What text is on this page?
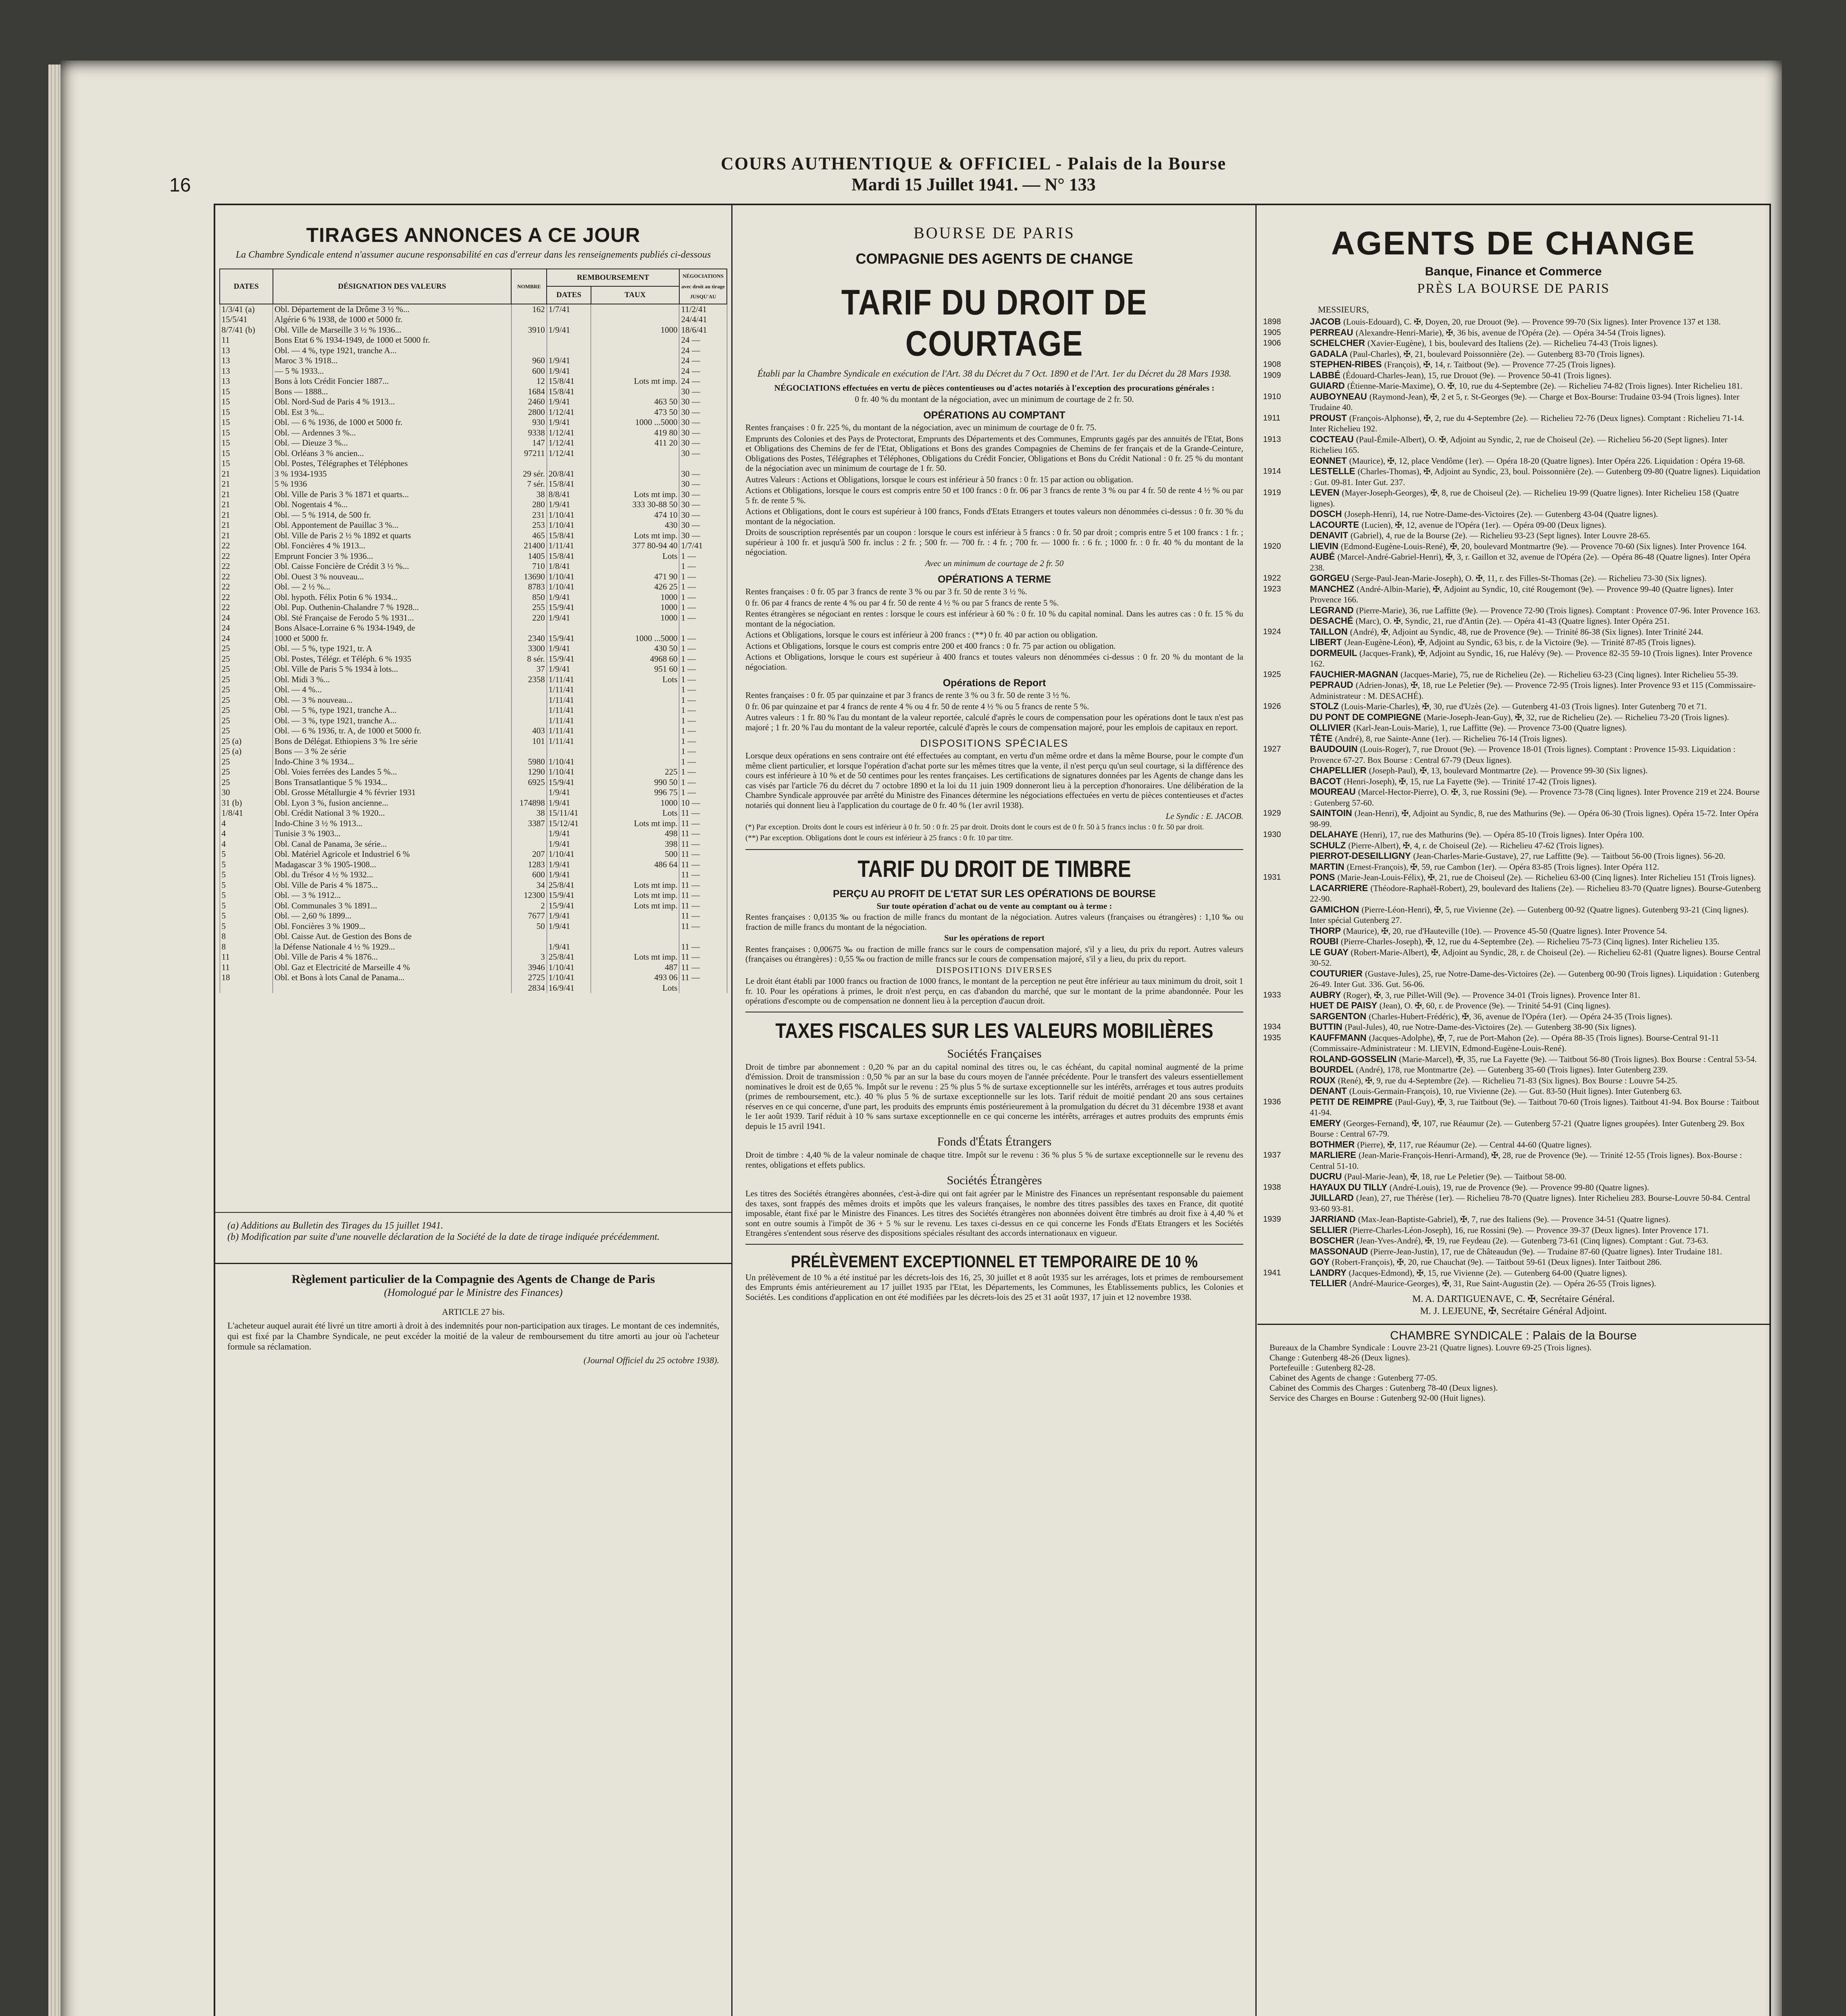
16
COURS AUTHENTIQUE & OFFICIEL - Palais de la Bourse
Mardi 15 Juillet 1941. — N° 133
TIRAGES ANNONCES A CE JOUR
La Chambre Syndicale entend n'assumer aucune responsabilité en cas d'erreur dans les renseignements publiés ci-dessous
DATES	DÉSIGNATION DES VALEURS	NOMBRE	REMBOURSEMENT		NÉGOCIATIONS avec droit au tirage JUSQU'AU
			DATES	TAUX	
1/3/41 (a)	Obl. Département de la Drôme 3 ½ %...	162	1/7/41		11/2/41
15/5/41	Algérie 6 % 1938, de 1000 et 5000 fr.				24/4/41
8/7/41 (b)	Obl. Ville de Marseille 3 ½ % 1936...	3910	1/9/41	1000	18/6/41
11	Bons Etat 6 % 1934-1949, de 1000 et 5000 fr.				24 —
13	Obl. — 4 %, type 1921, tranche A...				24 —
13	Maroc 3 % 1918...	960	1/9/41		24 —
13	— 5 % 1933...	600	1/9/41		24 —
13	Bons à lots Crédit Foncier 1887...	12	15/8/41	Lots mt imp.	24 —
15	Bons — 1888...	1684	15/8/41		30 —
15	Obl. Nord-Sud de Paris 4 % 1913...	2460	1/9/41	463 50	30 —
15	Obl. Est 3 %...	2800	1/12/41	473 50	30 —
15	Obl. — 6 % 1936, de 1000 et 5000 fr.	930	1/9/41	1000 ...5000	30 —
15	Obl. — Ardennes 3 %...	9338	1/12/41	419 80	30 —
15	Obl. — Dieuze 3 %...	147	1/12/41	411 20	30 —
15	Obl. Orléans 3 % ancien...	97211	1/12/41		30 —
15	Obl. Postes, Télégraphes et Téléphones				
21	3 % 1934-1935	29 sér.	20/8/41		30 —
21	5 % 1936	7 sér.	15/8/41		30 —
21	Obl. Ville de Paris 3 % 1871 et quarts...	38	8/8/41	Lots mt imp.	30 —
21	Obl. Nogentais 4 %...	280	1/9/41	333 30-88 50	30 —
21	Obl. — 5 % 1914, de 500 fr.	231	1/10/41	474 10	30 —
21	Obl. Appontement de Pauillac 3 %...	253	1/10/41	430	30 —
21	Obl. Ville de Paris 2 ½ % 1892 et quarts	465	15/8/41	Lots mt imp.	30 —
22	Obl. Foncières 4 % 1913...	21400	1/11/41	377 80-94 40	1/7/41
22	Emprunt Foncier 3 % 1936...	1405	15/8/41	Lots	1 —
22	Obl. Caisse Foncière de Crédit 3 ½ %...	710	1/8/41		1 —
22	Obl. Ouest 3 % nouveau...	13690	1/10/41	471 90	1 —
22	Obl. — 2 ½ %...	8783	1/10/41	426 25	1 —
22	Obl. hypoth. Félix Potin 6 % 1934...	850	1/9/41	1000	1 —
22	Obl. Pup. Outhenin-Chalandre 7 % 1928...	255	15/9/41	1000	1 —
24	Obl. Sté Française de Ferodo 5 % 1931...	220	1/9/41	1000	1 —
24	Bons Alsace-Lorraine 6 % 1934-1949, de				
24	1000 et 5000 fr.	2340	15/9/41	1000 ...5000	1 —
25	Obl. — 5 %, type 1921, tr. A	3300	1/9/41	430 50	1 —
25	Obl. Postes, Télégr. et Téléph. 6 % 1935	8 sér.	15/9/41	4968 60	1 —
25	Obl. Ville de Paris 5 % 1934 à lots...	37	1/9/41	951 60	1 —
25	Obl. Midi 3 %...	2358	1/11/41	Lots	1 —
25	Obl. — 4 %...		1/11/41		1 —
25	Obl. — 3 % nouveau...		1/11/41		1 —
25	Obl. — 5 %, type 1921, tranche A...		1/11/41		1 —
25	Obl. — 3 %, type 1921, tranche A...		1/11/41		1 —
25	Obl. — 6 % 1936, tr. A, de 1000 et 5000 fr.	403	1/11/41		1 —
25 (a)	Bons de Délégat. Ethiopiens 3 % 1re série	101	1/11/41		1 —
25 (a)	Bons — 3 % 2e série				1 —
25	Indo-Chine 3 % 1934...	5980	1/10/41		1 —
25	Obl. Voies ferrées des Landes 5 %...	1290	1/10/41	225	1 —
25	Bons Transatlantique 5 % 1934...	6925	15/9/41	990 50	1 —
30	Obl. Grosse Métallurgie 4 % février 1931		1/9/41	996 75	1 —
31 (b)	Obl. Lyon 3 %, fusion ancienne...	174898	1/9/41	1000	10 —
1/8/41	Obl. Crédit National 3 % 1920...	38	15/11/41	Lots	11 —
4	Indo-Chine 3 ½ % 1913...	3387	15/12/41	Lots mt imp.	11 —
4	Tunisie 3 % 1903...		1/9/41	498	11 —
4	Obl. Canal de Panama, 3e série...		1/9/41	398	11 —
5	Obl. Matériel Agricole et Industriel 6 %	207	1/10/41	500	11 —
5	Madagascar 3 % 1905-1908...	1283	1/9/41	486 64	11 —
5	Obl. du Trésor 4 ½ % 1932...	600	1/9/41		11 —
5	Obl. Ville de Paris 4 % 1875...	34	25/8/41	Lots mt imp.	11 —
5	Obl. — 3 % 1912...	12300	15/9/41	Lots mt imp.	11 —
5	Obl. Communales 3 % 1891...	2	15/9/41	Lots mt imp.	11 —
5	Obl. — 2,60 % 1899...	7677	1/9/41		11 —
5	Obl. Foncières 3 % 1909...	50	1/9/41		11 —
8	Obl. Caisse Aut. de Gestion des Bons de				
8	la Défense Nationale 4 ½ % 1929...		1/9/41		11 —
11	Obl. Ville de Paris 4 % 1876...	3	25/8/41	Lots mt imp.	11 —
11	Obl. Gaz et Electricité de Marseille 4 %	3946	1/10/41	487	11 —
18	Obl. et Bons à lots Canal de Panama...	2725	1/10/41	493 06	11 —
		2834	16/9/41	Lots	
(a) Additions au Bulletin des Tirages du 15 juillet 1941.
(b) Modification par suite d'une nouvelle déclaration de la Société de la date de tirage indiquée précédemment.
Règlement particulier de la Compagnie des Agents de Change de Paris
(Homologué par le Ministre des Finances)
ARTICLE 27 bis.
L'acheteur auquel aurait été livré un titre amorti à droit à des indemnités pour non-participation aux tirages. Le montant de ces indemnités, qui est fixé par la Chambre Syndicale, ne peut excéder la moitié de la valeur de remboursement du titre amorti au jour où l'acheteur formule sa réclamation.
(Journal Officiel du 25 octobre 1938).
BOURSE DE PARIS
COMPAGNIE DES AGENTS DE CHANGE
TARIF DU DROIT DE COURTAGE
Établi par la Chambre Syndicale en exécution de l'Art. 38 du Décret du 7 Oct. 1890 et de l'Art. 1er du Décret du 28 Mars 1938.
NÉGOCIATIONS effectuées en vertu de pièces contentieuses ou d'actes notariés à l'exception des procurations générales :
0 fr. 40 % du montant de la négociation, avec un minimum de courtage de 2 fr. 50.
OPÉRATIONS AU COMPTANT
Rentes françaises : 0 fr. 225 %, du montant de la négociation, avec un minimum de courtage de 0 fr. 75.
Emprunts des Colonies et des Pays de Protectorat, Emprunts des Départements et des Communes, Emprunts gagés par des annuités de l'Etat, Bons et Obligations des Chemins de fer de l'Etat, Obligations et Bons des grandes Compagnies de Chemins de fer français et de la Grande-Ceinture, Obligations des Postes, Télégraphes et Téléphones, Obligations du Crédit Foncier, Obligations et Bons du Crédit National : 0 fr. 25 % du montant de la négociation avec un minimum de courtage de 1 fr. 50.
Autres Valeurs : Actions et Obligations, lorsque le cours est inférieur à 50 francs : 0 fr. 15 par action ou obligation.
Actions et Obligations, lorsque le cours est compris entre 50 et 100 francs : 0 fr. 06 par 3 francs de rente 3 % ou par 4 fr. 50 de rente 4 ½ % ou par 5 fr. de rente 5 %.
Actions et Obligations, dont le cours est supérieur à 100 francs, Fonds d'Etats Etrangers et toutes valeurs non dénommées ci-dessus : 0 fr. 30 % du montant de la négociation.
Droits de souscription représentés par un coupon : lorsque le cours est inférieur à 5 francs : 0 fr. 50 par droit ; compris entre 5 et 100 francs : 1 fr. ; supérieur à 100 fr. et jusqu'à 500 fr. inclus : 2 fr. ; 500 fr. — 700 fr. : 4 fr. ; 700 fr. — 1000 fr. : 6 fr. ; 1000 fr. : 0 fr. 40 % du montant de la négociation.
Avec un minimum de courtage de 2 fr. 50
OPÉRATIONS A TERME
Rentes françaises : 0 fr. 05 par 3 francs de rente 3 % ou par 3 fr. 50 de rente 3 ½ %.
0 fr. 06 par 4 francs de rente 4 % ou par 4 fr. 50 de rente 4 ½ % ou par 5 francs de rente 5 %.
Rentes étrangères se négociant en rentes : lorsque le cours est inférieur à 60 % : 0 fr. 10 % du capital nominal. Dans les autres cas : 0 fr. 15 % du montant de la négociation.
Actions et Obligations, lorsque le cours est inférieur à 200 francs : (**) 0 fr. 40 par action ou obligation.
Actions et Obligations, lorsque le cours est compris entre 200 et 400 francs : 0 fr. 75 par action ou obligation.
Actions et Obligations, lorsque le cours est supérieur à 400 francs et toutes valeurs non dénommées ci-dessus : 0 fr. 20 % du montant de la négociation.
Opérations de Report
Rentes françaises : 0 fr. 05 par quinzaine et par 3 francs de rente 3 % ou 3 fr. 50 de rente 3 ½ %.
0 fr. 06 par quinzaine et par 4 francs de rente 4 % ou 4 fr. 50 de rente 4 ½ % ou 5 francs de rente 5 %.
Autres valeurs : 1 fr. 80 % l'au du montant de la valeur reportée, calculé d'après le cours de compensation pour les opérations dont le taux n'est pas majoré ; 1 fr. 20 % l'au du montant de la valeur reportée, calculé d'après le cours de compensation majoré, pour les emplois de capitaux en report.
DISPOSITIONS SPÉCIALES
Lorsque deux opérations en sens contraire ont été effectuées au comptant, en vertu d'un même ordre et dans la même Bourse, pour le compte d'un même client particulier, et lorsque l'opération d'achat porte sur les mêmes titres que la vente, il n'est perçu qu'un seul courtage, si la différence des cours est inférieure à 10 % et de 50 centimes pour les rentes françaises. Les certifications de signatures données par les Agents de change dans les cas visés par l'article 76 du décret du 7 octobre 1890 et la loi du 11 juin 1909 donneront lieu à la perception d'honoraires. Une délibération de la Chambre Syndicale approuvée par arrêté du Ministre des Finances détermine les négociations effectuées en vertu de pièces contentieuses et d'actes notariés qui donnent lieu à l'application du courtage de 0 fr. 40 % (1er avril 1938).
Le Syndic : E. JACOB.
(*) Par exception. Droits dont le cours est inférieur à 0 fr. 50 : 0 fr. 25 par droit. Droits dont le cours est de 0 fr. 50 à 5 francs inclus : 0 fr. 50 par droit.
(**) Par exception. Obligations dont le cours est inférieur à 25 francs : 0 fr. 10 par titre.
TARIF DU DROIT DE TIMBRE
PERÇU AU PROFIT DE L'ETAT SUR LES OPÉRATIONS DE BOURSE
Sur toute opération d'achat ou de vente au comptant ou à terme :
Rentes françaises : 0,0135 ‰ ou fraction de mille francs du montant de la négociation. Autres valeurs (françaises ou étrangères) : 1,10 ‰ ou fraction de mille francs du montant de la négociation.
Sur les opérations de report
Rentes françaises : 0,00675 ‰ ou fraction de mille francs sur le cours de compensation majoré, s'il y a lieu, du prix du report. Autres valeurs (françaises ou étrangères) : 0,55 ‰ ou fraction de mille francs sur le cours de compensation majoré, s'il y a lieu, du prix du report.
DISPOSITIONS DIVERSES
Le droit étant établi par 1000 francs ou fraction de 1000 francs, le montant de la perception ne peut être inférieur au taux minimum du droit, soit 1 fr. 10. Pour les opérations à primes, le droit n'est perçu, en cas d'abandon du marché, que sur le montant de la prime abandonnée. Pour les opérations d'escompte ou de compensation ne donnent lieu à la perception d'aucun droit.
TAXES FISCALES SUR LES VALEURS MOBILIÈRES
Sociétés Françaises
Droit de timbre par abonnement : 0,20 % par an du capital nominal des titres ou, le cas échéant, du capital nominal augmenté de la prime d'émission. Droit de transmission : 0,50 % par an sur la base du cours moyen de l'année précédente. Pour le transfert des valeurs essentiellement nominatives le droit est de 0,65 %. Impôt sur le revenu : 25 % plus 5 % de surtaxe exceptionnelle sur les intérêts, arrérages et tous autres produits (primes de remboursement, etc.). 40 % plus 5 % de surtaxe exceptionnelle sur les lots. Tarif réduit de moitié pendant 20 ans sous certaines réserves en ce qui concerne, d'une part, les produits des emprunts émis postérieurement à la promulgation du décret du 31 décembre 1938 et avant le 1er août 1939. Tarif réduit à 10 % sans surtaxe exceptionnelle en ce qui concerne les intérêts, arrérages et autres produits des emprunts émis depuis le 15 avril 1941.
Fonds d'États Étrangers
Droit de timbre : 4,40 % de la valeur nominale de chaque titre. Impôt sur le revenu : 36 % plus 5 % de surtaxe exceptionnelle sur le revenu des rentes, obligations et effets publics.
Sociétés Étrangères
Les titres des Sociétés étrangères abonnées, c'est-à-dire qui ont fait agréer par le Ministre des Finances un représentant responsable du paiement des taxes, sont frappés des mêmes droits et impôts que les valeurs françaises, le nombre des titres passibles des taxes en France, dit quotité imposable, étant fixé par le Ministre des Finances. Les titres des Sociétés étrangères non abonnées doivent être timbrés au droit fixe à 4,40 % et sont en outre soumis à l'impôt de 36 + 5 % sur le revenu. Les taxes ci-dessus en ce qui concerne les Fonds d'Etats Etrangers et les Sociétés Etrangères s'entendent sous réserve des dispositions spéciales résultant des accords internationaux en vigueur.
PRÉLÈVEMENT EXCEPTIONNEL ET TEMPORAIRE DE 10 %
Un prélèvement de 10 % a été institué par les décrets-lois des 16, 25, 30 juillet et 8 août 1935 sur les arrérages, lots et primes de remboursement des Emprunts émis antérieurement au 17 juillet 1935 par l'Etat, les Départements, les Communes, les Établissements publics, les Colonies et Sociétés. Les conditions d'application en ont été modifiées par les décrets-lois des 25 et 31 août 1937, 17 juin et 12 novembre 1938.
AGENTS DE CHANGE
Banque, Finance et Commerce
PRÈS LA BOURSE DE PARIS
MESSIEURS,
1898	JACOB (Louis-Edouard), C. ✠, Doyen, 20, rue Drouot (9e). — Provence 99-70 (Six lignes). Inter Provence 137 et 138.
1905	PERREAU (Alexandre-Henri-Marie), ✠, 36 bis, avenue de l'Opéra (2e). — Opéra 34-54 (Trois lignes).
1906	SCHELCHER (Xavier-Eugène), 1 bis, boulevard des Italiens (2e). — Richelieu 74-43 (Trois lignes).
GADALA (Paul-Charles), ✠, 21, boulevard Poissonnière (2e). — Gutenberg 83-70 (Trois lignes).
1908	STEPHEN-RIBES (François), ✠, 14, r. Taitbout (9e). — Provence 77-25 (Trois lignes).
1909	LABBÉ (Édouard-Charles-Jean), 15, rue Drouot (9e). — Provence 50-41 (Trois lignes).
GUIARD (Étienne-Marie-Maxime), O. ✠, 10, rue du 4-Septembre (2e). — Richelieu 74-82 (Trois lignes). Inter Richelieu 181.
1910	AUBOYNEAU (Raymond-Jean), ✠, 2 et 5, r. St-Georges (9e). — Charge et Box-Bourse: Trudaine 03-94 (Trois lignes). Inter Trudaine 40.
1911	PROUST (François-Alphonse), ✠, 2, rue du 4-Septembre (2e). — Richelieu 72-76 (Deux lignes). Comptant : Richelieu 71-14. Inter Richelieu 192.
1913	COCTEAU (Paul-Émile-Albert), O. ✠, Adjoint au Syndic, 2, rue de Choiseul (2e). — Richelieu 56-20 (Sept lignes). Inter Richelieu 165.
EONNET (Maurice), ✠, 12, place Vendôme (1er). — Opéra 18-20 (Quatre lignes). Inter Opéra 226. Liquidation : Opéra 19-68.
1914	LESTELLE (Charles-Thomas), ✠, Adjoint au Syndic, 23, boul. Poissonnière (2e). — Gutenberg 09-80 (Quatre lignes). Liquidation : Gut. 09-81. Inter Gut. 237.
1919	LEVEN (Mayer-Joseph-Georges), ✠, 8, rue de Choiseul (2e). — Richelieu 19-99 (Quatre lignes). Inter Richelieu 158 (Quatre lignes).
DOSCH (Joseph-Henri), 14, rue Notre-Dame-des-Victoires (2e). — Gutenberg 43-04 (Quatre lignes).
LACOURTE (Lucien), ✠, 12, avenue de l'Opéra (1er). — Opéra 09-00 (Deux lignes).
DENAVIT (Gabriel), 4, rue de la Bourse (2e). — Richelieu 93-23 (Sept lignes). Inter Louvre 28-65.
1920	LIEVIN (Edmond-Eugène-Louis-René), ✠, 20, boulevard Montmartre (9e). — Provence 70-60 (Six lignes). Inter Provence 164.
AUBÉ (Marcel-André-Gabriel-Henri), ✠, 3, r. Gaillon et 32, avenue de l'Opéra (2e). — Opéra 86-48 (Quatre lignes). Inter Opéra 238.
1922	GORGEU (Serge-Paul-Jean-Marie-Joseph), O. ✠, 11, r. des Filles-St-Thomas (2e). — Richelieu 73-30 (Six lignes).
1923	MANCHEZ (André-Albin-Marie), ✠, Adjoint au Syndic, 10, cité Rougemont (9e). — Provence 99-40 (Quatre lignes). Inter Provence 166.
LEGRAND (Pierre-Marie), 36, rue Laffitte (9e). — Provence 72-90 (Trois lignes). Comptant : Provence 07-96. Inter Provence 163.
DESACHÉ (Marc), O. ✠, Syndic, 21, rue d'Antin (2e). — Opéra 41-43 (Quatre lignes). Inter Opéra 251.
1924	TAILLON (André), ✠, Adjoint au Syndic, 48, rue de Provence (9e). — Trinité 86-38 (Six lignes). Inter Trinité 244.
LIBERT (Jean-Eugène-Léon), ✠, Adjoint au Syndic, 63 bis, r. de la Victoire (9e). — Trinité 87-85 (Trois lignes).
DORMEUIL (Jacques-Frank), ✠, Adjoint au Syndic, 16, rue Halévy (9e). — Provence 82-35 59-10 (Trois lignes). Inter Provence 162.
1925	FAUCHIER-MAGNAN (Jacques-Marie), 75, rue de Richelieu (2e). — Richelieu 63-23 (Cinq lignes). Inter Richelieu 55-39.
PEPRAUD (Adrien-Jonas), ✠, 18, rue Le Peletier (9e). — Provence 72-95 (Trois lignes). Inter Provence 93 et 115 (Commissaire-Administrateur : M. DESACHÉ).
1926	STOLZ (Louis-Marie-Charles), ✠, 30, rue d'Uzès (2e). — Gutenberg 41-03 (Trois lignes). Inter Gutenberg 70 et 71.
DU PONT DE COMPIEGNE (Marie-Joseph-Jean-Guy), ✠, 32, rue de Richelieu (2e). — Richelieu 73-20 (Trois lignes).
OLLIVIER (Karl-Jean-Louis-Marie), 1, rue Laffitte (9e). — Provence 73-00 (Quatre lignes).
TÊTE (André), 8, rue Sainte-Anne (1er). — Richelieu 76-14 (Trois lignes).
1927	BAUDOUIN (Louis-Roger), 7, rue Drouot (9e). — Provence 18-01 (Trois lignes). Comptant : Provence 15-93. Liquidation : Provence 67-27. Box Bourse : Central 67-79 (Deux lignes).
CHAPELLIER (Joseph-Paul), ✠, 13, boulevard Montmartre (2e). — Provence 99-30 (Six lignes).
BACOT (Henri-Joseph), ✠, 15, rue La Fayette (9e). — Trinité 17-42 (Trois lignes).
MOUREAU (Marcel-Hector-Pierre), O. ✠, 3, rue Rossini (9e). — Provence 73-78 (Cinq lignes). Inter Provence 219 et 224. Bourse : Gutenberg 57-60.
1929	SAINTOIN (Jean-Henri), ✠, Adjoint au Syndic, 8, rue des Mathurins (9e). — Opéra 06-30 (Trois lignes). Opéra 15-72. Inter Opéra 98-99.
1930	DELAHAYE (Henri), 17, rue des Mathurins (9e). — Opéra 85-10 (Trois lignes). Inter Opéra 100.
SCHULZ (Pierre-Albert), ✠, 4, r. de Choiseul (2e). — Richelieu 47-62 (Trois lignes).
PIERROT-DESEILLIGNY (Jean-Charles-Marie-Gustave), 27, rue Laffitte (9e). — Taitbout 56-00 (Trois lignes). 56-20.
MARTIN (Ernest-François), ✠, 59, rue Cambon (1er). — Opéra 83-85 (Trois lignes). Inter Opéra 112.
1931	PONS (Marie-Jean-Louis-Félix), ✠, 21, rue de Choiseul (2e). — Richelieu 63-00 (Cinq lignes). Inter Richelieu 151 (Trois lignes).
LACARRIERE (Théodore-Raphaël-Robert), 29, boulevard des Italiens (2e). — Richelieu 83-70 (Quatre lignes). Bourse-Gutenberg 22-90.
GAMICHON (Pierre-Léon-Henri), ✠, 5, rue Vivienne (2e). — Gutenberg 00-92 (Quatre lignes). Gutenberg 93-21 (Cinq lignes). Inter spécial Gutenberg 27.
THORP (Maurice), ✠, 20, rue d'Hauteville (10e). — Provence 45-50 (Quatre lignes). Inter Provence 54.
ROUBI (Pierre-Charles-Joseph), ✠, 12, rue du 4-Septembre (2e). — Richelieu 75-73 (Cinq lignes). Inter Richelieu 135.
LE GUAY (Robert-Marie-Albert), ✠, Adjoint au Syndic, 28, r. de Choiseul (2e). — Richelieu 62-81 (Quatre lignes). Bourse Central 30-52.
COUTURIER (Gustave-Jules), 25, rue Notre-Dame-des-Victoires (2e). — Gutenberg 00-90 (Trois lignes). Liquidation : Gutenberg 26-49. Inter Gut. 336. Gut. 56-06.
1933	AUBRY (Roger), ✠, 3, rue Pillet-Will (9e). — Provence 34-01 (Trois lignes). Provence Inter 81.
HUET DE PAISY (Jean), O. ✠, 60, r. de Provence (9e). — Trinité 54-91 (Cinq lignes).
SARGENTON (Charles-Hubert-Frédéric), ✠, 36, avenue de l'Opéra (1er). — Opéra 24-35 (Trois lignes).
1934	BUTTIN (Paul-Jules), 40, rue Notre-Dame-des-Victoires (2e). — Gutenberg 38-90 (Six lignes).
1935	KAUFFMANN (Jacques-Adolphe), ✠, 7, rue de Port-Mahon (2e). — Opéra 88-35 (Trois lignes). Bourse-Central 91-11 (Commissaire-Administrateur : M. LIEVIN, Edmond-Eugène-Louis-René).
ROLAND-GOSSELIN (Marie-Marcel), ✠, 35, rue La Fayette (9e). — Taitbout 56-80 (Trois lignes). Box Bourse : Central 53-54.
BOURDEL (André), 178, rue Montmartre (2e). — Gutenberg 35-60 (Trois lignes). Inter Gutenberg 239.
ROUX (René), ✠, 9, rue du 4-Septembre (2e). — Richelieu 71-83 (Six lignes). Box Bourse : Louvre 54-25.
DENANT (Louis-Germain-François), 10, rue Vivienne (2e). — Gut. 83-50 (Huit lignes). Inter Gutenberg 63.
1936	PETIT DE REIMPRE (Paul-Guy), ✠, 3, rue Taitbout (9e). — Taitbout 70-60 (Trois lignes). Taitbout 41-94. Box Bourse : Taitbout 41-94.
EMERY (Georges-Fernand), ✠, 107, rue Réaumur (2e). — Gutenberg 57-21 (Quatre lignes groupées). Inter Gutenberg 29. Box Bourse : Central 67-79.
BOTHMER (Pierre), ✠, 117, rue Réaumur (2e). — Central 44-60 (Quatre lignes).
1937	MARLIERE (Jean-Marie-François-Henri-Armand), ✠, 28, rue de Provence (9e). — Trinité 12-55 (Trois lignes). Box-Bourse : Central 51-10.
DUCRU (Paul-Marie-Jean), ✠, 18, rue Le Peletier (9e). — Taitbout 58-00.
1938	HAYAUX DU TILLY (André-Louis), 19, rue de Provence (9e). — Provence 99-80 (Quatre lignes).
JUILLARD (Jean), 27, rue Thérèse (1er). — Richelieu 78-70 (Quatre lignes). Inter Richelieu 283. Bourse-Louvre 50-84. Central 93-60 93-81.
1939	JARRIAND (Max-Jean-Baptiste-Gabriel), ✠, 7, rue des Italiens (9e). — Provence 34-51 (Quatre lignes).
SELLIER (Pierre-Charles-Léon-Joseph), 16, rue Rossini (9e). — Provence 39-37 (Deux lignes). Inter Provence 171.
BOSCHER (Jean-Yves-André), ✠, 19, rue Feydeau (2e). — Gutenberg 73-61 (Cinq lignes). Comptant : Gut. 73-63.
MASSONAUD (Pierre-Jean-Justin), 17, rue de Châteaudun (9e). — Trudaine 87-60 (Quatre lignes). Inter Trudaine 181.
GOY (Robert-François), ✠, 20, rue Chauchat (9e). — Taitbout 59-61 (Deux lignes). Inter Taitbout 286.
1941	LANDRY (Jacques-Edmond), ✠, 15, rue Vivienne (2e). — Gutenberg 64-00 (Quatre lignes).
TELLIER (André-Maurice-Georges), ✠, 31, Rue Saint-Augustin (2e). — Opéra 26-55 (Trois lignes).
M. A. DARTIGUENAVE, C. ✠, Secrétaire Général.
M. J. LEJEUNE, ✠, Secrétaire Général Adjoint.
CHAMBRE SYNDICALE : Palais de la Bourse
Bureaux de la Chambre Syndicale : Louvre 23-21 (Quatre lignes). Louvre 69-25 (Trois lignes).
Change : Gutenberg 48-26 (Deux lignes).
Portefeuille : Gutenberg 82-28.
Cabinet des Agents de change : Gutenberg 77-05.
Cabinet des Commis des Charges : Gutenberg 78-40 (Deux lignes).
Service des Charges en Bourse : Gutenberg 92-00 (Huit lignes).
